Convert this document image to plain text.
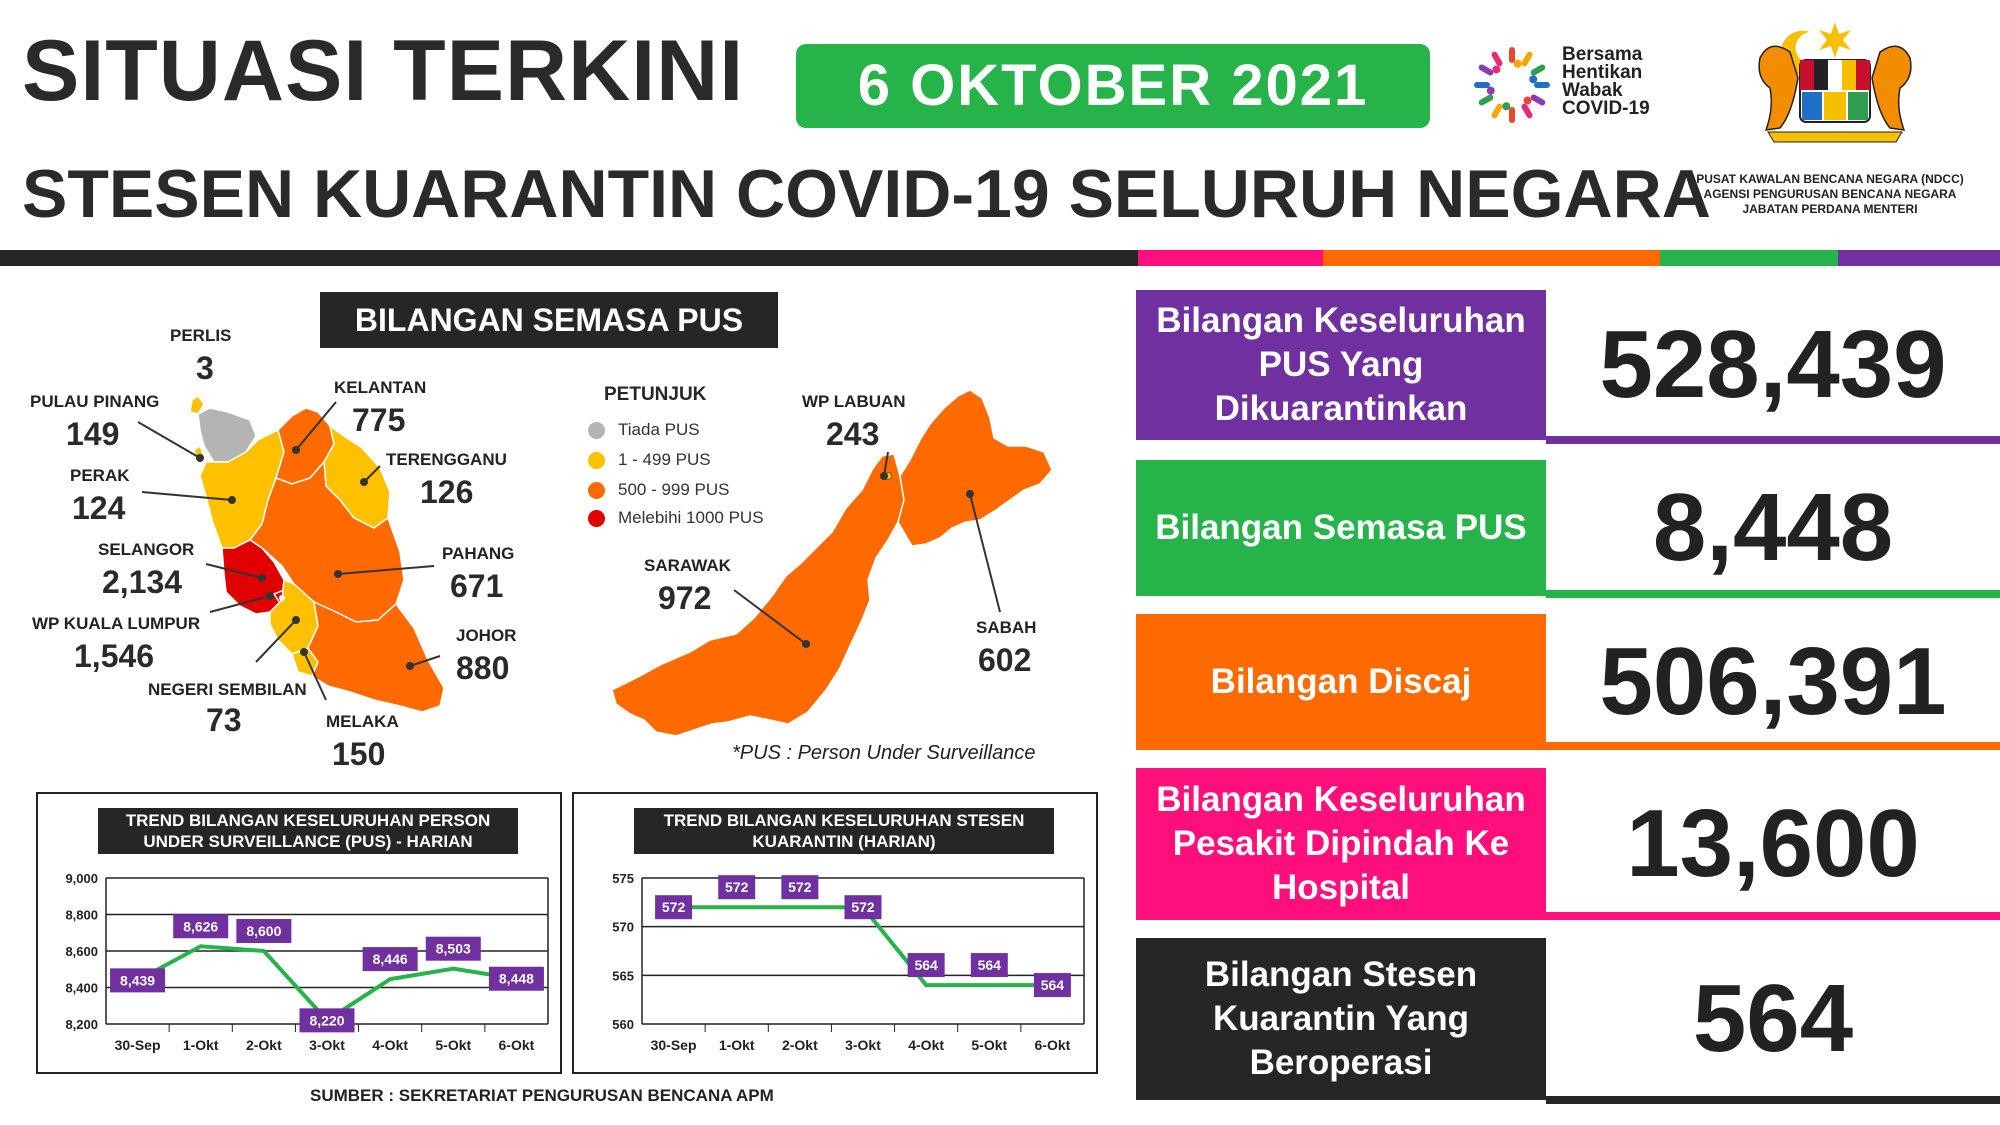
SITUASI TERKINI	6 OKTOBER 2021
STESEN KUARANTIN COVID-19 SELURUH NEGARA
Bersama
Hentikan
Wabak
COVID-19
PUSAT KAWALAN BENCANA NEGARA (NDCC)
AGENSI PENGURUSAN BENCANA NEGARA
JABATAN PERDANA MENTERI
BILANGAN SEMASA PUS
PERLIS
3
PULAU PINANG
149
PERAK
124
SELANGOR
2,134
WP KUALA LUMPUR
1,546
NEGERI SEMBILAN
73	MELAKA
150
JOHOR
880
PAHANG
671
TERENGGANU
126
KELANTAN
775
WP LABUAN
243
SARAWAK
972
SABAH
602
PETUNJUK
Tiada PUS
1 - 499 PUS
500 - 999 PUS
Melebihi 1000 PUS
*PUS : Person Under Surveillance
TREND BILANGAN KESELURUHAN PERSON UNDER SURVEILLANCE (PUS) - HARIAN
9,000
8,800
8,600
8,400
8,200
30-Sep 1-Okt 2-Okt 3-Okt 4-Okt 5-Okt 6-Okt
8,439
8,626 8,600
8,220
8,446
8,503
8,448
TREND BILANGAN KESELURUHAN STESEN KUARANTIN (HARIAN)
575
570
565
560
30-Sep 1-Okt 2-Okt 3-Okt 4-Okt 5-Okt 6-Okt
572
572	572
572
564	564
564
SUMBER : SEKRETARIAT PENGURUSAN BENCANA APM
Bilangan Keseluruhan PUS Yang Dikuarantinkan	528,439
Bilangan Semasa PUS	8,448
Bilangan Discaj	506,391
Bilangan Keseluruhan Pesakit Dipindah Ke Hospital	13,600
Bilangan Stesen Kuarantin Yang Beroperasi	564
